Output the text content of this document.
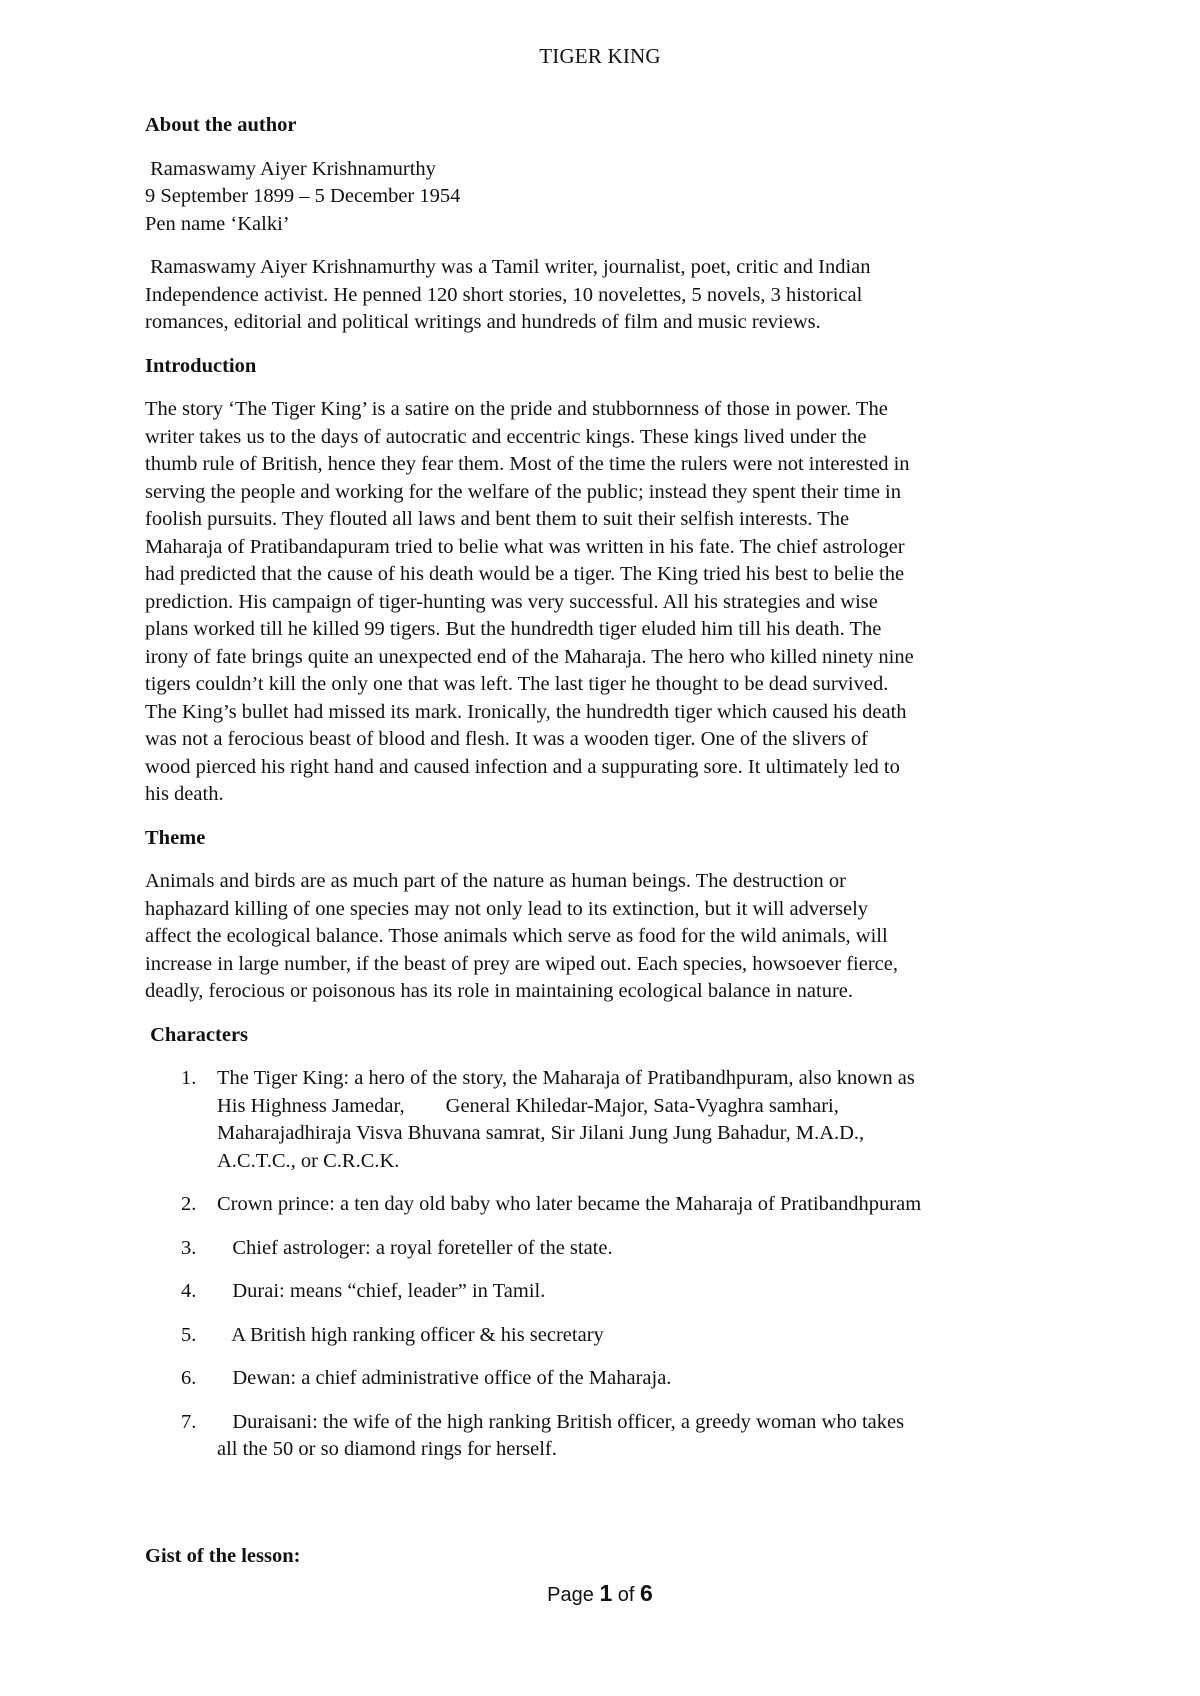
TIGER KING
About the author
Ramaswamy Aiyer Krishnamurthy
9 September 1899 – 5 December 1954
Pen name ‘Kalki’
Ramaswamy Aiyer Krishnamurthy was a Tamil writer, journalist, poet, critic and Indian
Independence activist. He penned 120 short stories, 10 novelettes, 5 novels, 3 historical
romances, editorial and political writings and hundreds of film and music reviews.
Introduction
The story ‘The Tiger King’ is a satire on the pride and stubbornness of those in power. The
writer takes us to the days of autocratic and eccentric kings. These kings lived under the
thumb rule of British, hence they fear them. Most of the time the rulers were not interested in
serving the people and working for the welfare of the public; instead they spent their time in
foolish pursuits. They flouted all laws and bent them to suit their selfish interests. The
Maharaja of Pratibandapuram tried to belie what was written in his fate. The chief astrologer
had predicted that the cause of his death would be a tiger. The King tried his best to belie the
prediction. His campaign of tiger-hunting was very successful. All his strategies and wise
plans worked till he killed 99 tigers. But the hundredth tiger eluded him till his death. The
irony of fate brings quite an unexpected end of the Maharaja. The hero who killed ninety nine
tigers couldn’t kill the only one that was left. The last tiger he thought to be dead survived.
The King’s bullet had missed its mark. Ironically, the hundredth tiger which caused his death
was not a ferocious beast of blood and flesh. It was a wooden tiger. One of the slivers of
wood pierced his right hand and caused infection and a suppurating sore. It ultimately led to
his death.
Theme
Animals and birds are as much part of the nature as human beings. The destruction or
haphazard killing of one species may not only lead to its extinction, but it will adversely
affect the ecological balance. Those animals which serve as food for the wild animals, will
increase in large number, if the beast of prey are wiped out. Each species, howsoever fierce,
deadly, ferocious or poisonous has its role in maintaining ecological balance in nature.
Characters
1. The Tiger King: a hero of the story, the Maharaja of Pratibandhpuram, also known as
His Highness Jamedar,        General Khiledar-Major, Sata-Vyaghra samhari,
Maharajadhiraja Visva Bhuvana samrat, Sir Jilani Jung Jung Bahadur, M.A.D.,
A.C.T.C., or C.R.C.K.
2. Crown prince: a ten day old baby who later became the Maharaja of Pratibandhpuram
3. Chief astrologer: a royal foreteller of the state.
4. Durai: means “chief, leader” in Tamil.
5. A British high ranking officer & his secretary
6. Dewan: a chief administrative office of the Maharaja.
7. Duraisani: the wife of the high ranking British officer, a greedy woman who takes
all the 50 or so diamond rings for herself.
Gist of the lesson:
Page 1 of 6
